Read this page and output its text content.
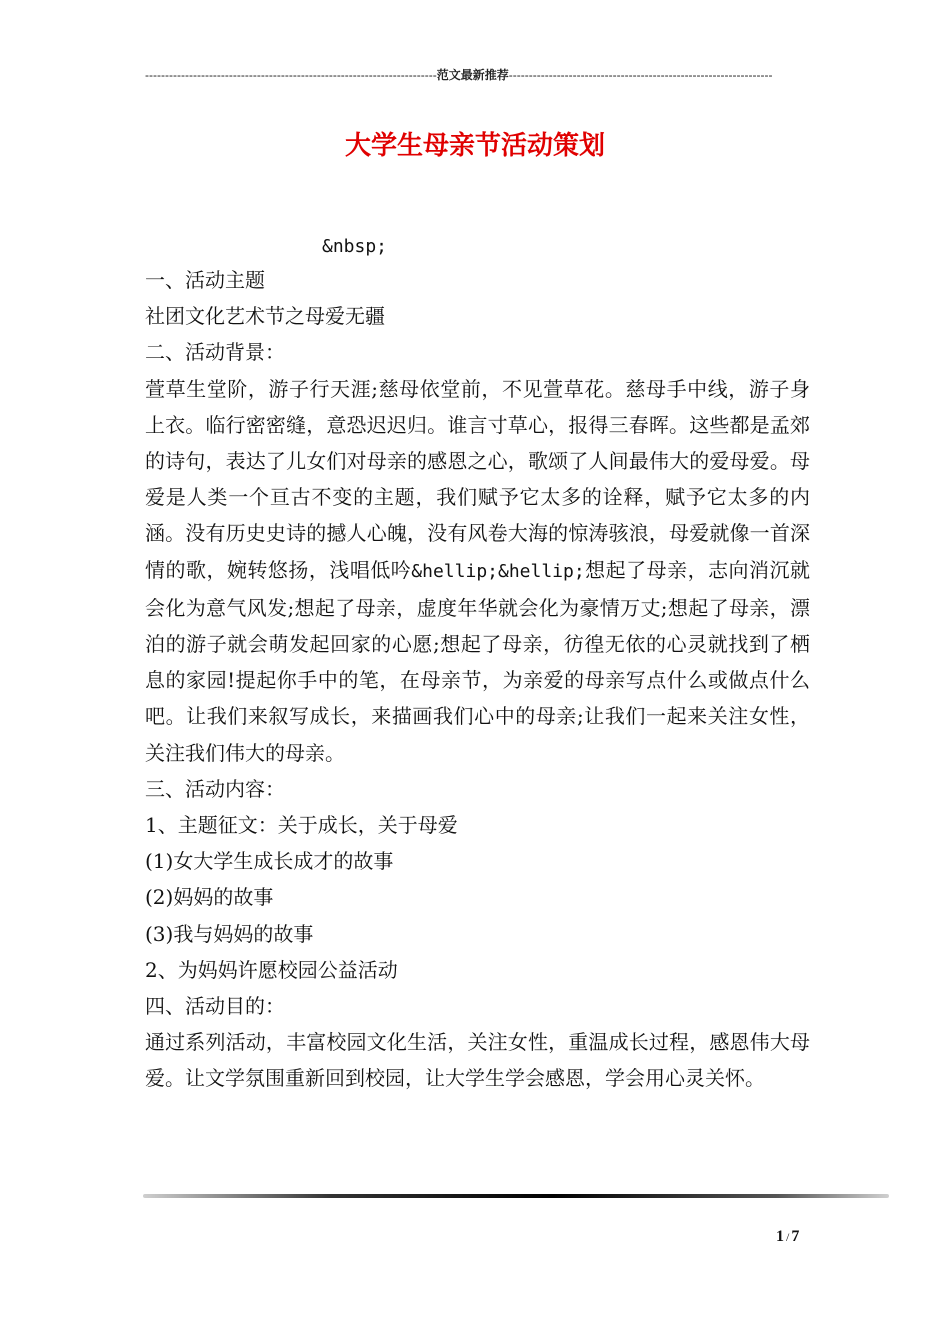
-------------------------------------------------------------------------范文最新推荐------------------------------------------------------------------
大学生母亲节活动策划
&nbsp;

一、活动主题

社团文化艺术节之母爱无疆

二、活动背景：

萱草生堂阶，游子行天涯;慈母依堂前，不见萱草花。慈母手中线，游子身上衣。临行密密缝，意恐迟迟归。谁言寸草心，报得三春晖。这些都是孟郊的诗句，表达了儿女们对母亲的感恩之心，歌颂了人间最伟大的爱母爱。母爱是人类一个亘古不变的主题，我们赋予它太多的诠释，赋予它太多的内涵。没有历史史诗的撼人心魄，没有风卷大海的惊涛骇浪，母爱就像一首深情的歌，婉转悠扬，浅唱低吟&hellip;&hellip;想起了母亲，志向消沉就会化为意气风发;想起了母亲，虚度年华就会化为豪情万丈;想起了母亲，漂泊的游子就会萌发起回家的心愿;想起了母亲，彷徨无依的心灵就找到了栖息的家园!提起你手中的笔，在母亲节，为亲爱的母亲写点什么或做点什么吧。让我们来叙写成长，来描画我们心中的母亲;让我们一起来关注女性，关注我们伟大的母亲。

三、活动内容：

1、主题征文：关于成长，关于母爱

(1)女大学生成长成才的故事

(2)妈妈的故事

(3)我与妈妈的故事

2、为妈妈许愿校园公益活动

四、活动目的：

通过系列活动，丰富校园文化生活，关注女性，重温成长过程，感恩伟大母爱。让文学氛围重新回到校园，让大学生学会感恩，学会用心灵关怀。

1 / 7
